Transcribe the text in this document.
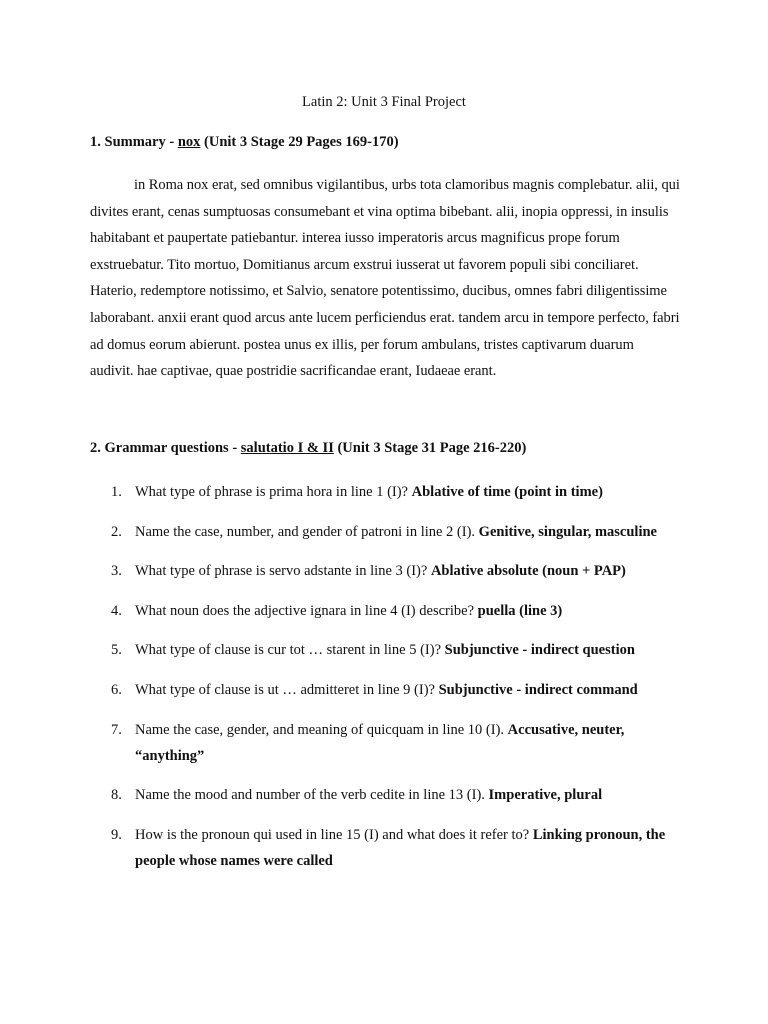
Latin 2: Unit 3 Final Project
1. Summary - nox (Unit 3 Stage 29 Pages 169-170)

in Roma nox erat, sed omnibus vigilantibus, urbs tota clamoribus magnis complebatur. alii, qui divites erant, cenas sumptuosas consumebant et vina optima bibebant. alii, inopia oppressi, in insulis habitabant et paupertate patiebantur. interea iusso imperatoris arcus magnificus prope forum exstruebatur. Tito mortuo, Domitianus arcum exstrui iusserat ut favorem populi sibi conciliaret. Haterio, redemptore notissimo, et Salvio, senatore potentissimo, ducibus, omnes fabri diligentissime laborabant. anxii erant quod arcus ante lucem perficiendus erat. tandem arcu in tempore perfecto, fabri ad domus eorum abierunt. postea unus ex illis, per forum ambulans, tristes captivarum duarum audivit. hae captivae, quae postridie sacrificandae erant, Iudaeae erant.

2. Grammar questions - salutatio I & II (Unit 3 Stage 31 Page 216-220)
1. What type of phrase is prima hora in line 1 (I)? Ablative of time (point in time)
2. Name the case, number, and gender of patroni in line 2 (I). Genitive, singular, masculine
3. What type of phrase is servo adstante in line 3 (I)? Ablative absolute (noun + PAP)
4. What noun does the adjective ignara in line 4 (I) describe? puella (line 3)
5. What type of clause is cur tot … starent in line 5 (I)? Subjunctive - indirect question
6. What type of clause is ut … admitteret in line 9 (I)? Subjunctive - indirect command
7. Name the case, gender, and meaning of quicquam in line 10 (I). Accusative, neuter, “anything”
8. Name the mood and number of the verb cedite in line 13 (I). Imperative, plural
9. How is the pronoun qui used in line 15 (I) and what does it refer to? Linking pronoun, the people whose names were called
